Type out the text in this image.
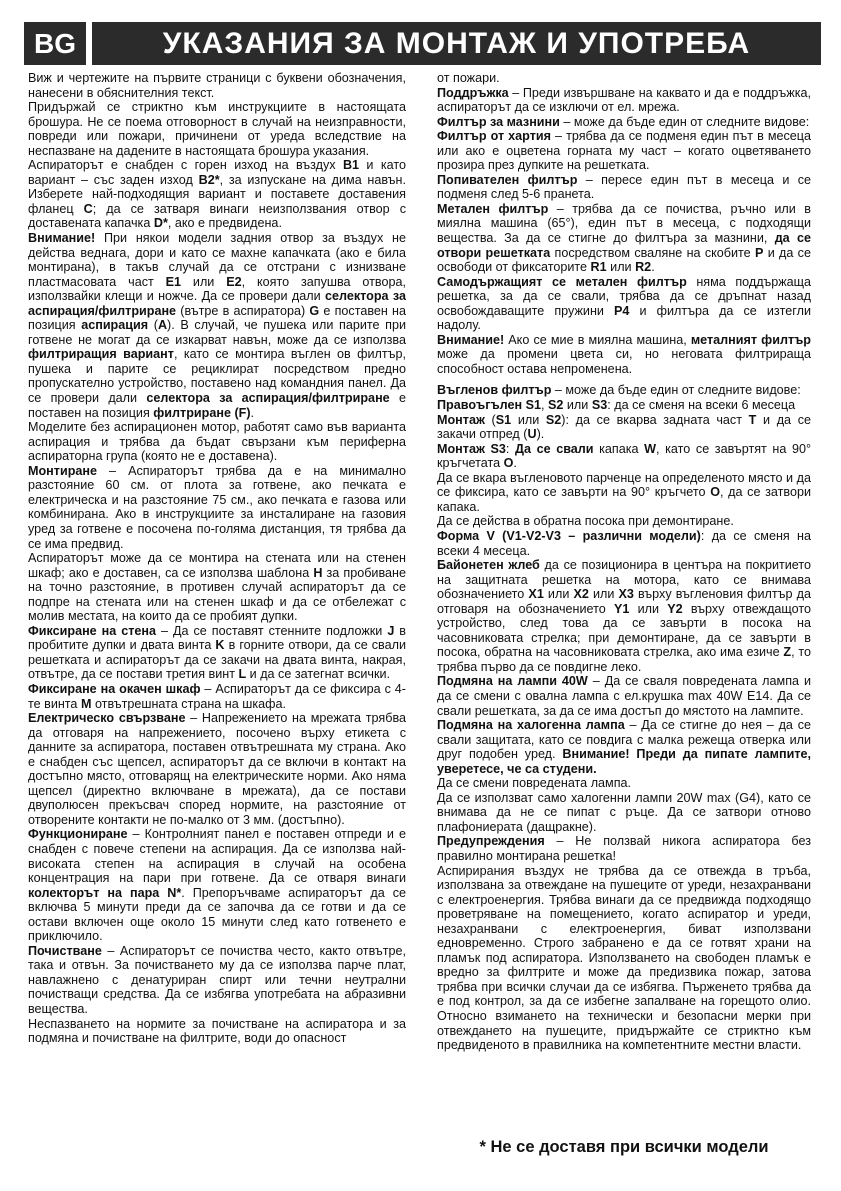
BG	УКАЗАНИЯ ЗА МОНТАЖ И УПОТРЕБА

Виж и чертежите на първите страници с буквени обозначения, нанесени в обяснителния текст.

Придържай се стриктно към инструкциите в настоящата брошура. Не се поема отговорност в случай на неизправности, повреди или пожари, причинени от уреда вследствие на неспазване на дадените в настоящата брошура указания.

Аспираторът е снабден с горен изход на въздух B1 и като вариант – със заден изход B2*, за изпускане на дима навън. Изберете най-подходящия вариант и поставете доставения фланец C; да се затваря винаги неизползвания отвор с доставената капачка D*, ако е предвидена.

Внимание! При някои модели задния отвор за въздух не действа веднага, дори и като се махне капачката (ако е била монтирана), в такъв случай да се отстрани с изнизване пластмасовата част E1 или E2, която запушва отвора, използвайки клещи и ножче. Да се провери дали селектора за аспирация/филтриране (вътре в аспиратора) G е поставен на позиция аспирация (A). В случай, че пушека или парите при готвене не могат да се изкарват навън, може да се използва филтриращия вариант, като се монтира въглен ов филтър, пушека и парите се рециклират посредством предно пропускателно устройство, поставено над командния панел. Да се провери дали селектора за аспирация/филтриране е поставен на позиция филтриране (F).

Моделите без аспирационен мотор, работят само във варианта аспирация и трябва да бъдат свързани към периферна аспираторна група (която не е доставена).

Монтиране – Аспираторът трябва да е на минимално разстояние 60 см. от плота за готвене, ако печката е електрическа и на разстояние 75 см., ако печката е газова или комбинирана. Ако в инструкциите за инсталиране на газовия уред за готвене е посочена по-голяма дистанция, тя трябва да се има предвид.

Аспираторът може да се монтира на стената или на стенен шкаф; ако е доставен, са се използва шаблона H за пробиване на точно разстояние, в противен случай аспираторът да се подпре на стената или на стенен шкаф и да се отбележат с молив местата, на които да се пробият дупки.

Фиксиране на стена – Да се поставят стенните подложки J в пробитите дупки и двата винта K в горните отвори, да се свали решетката и аспираторът да се закачи на двата винта, накрая, отвътре, да се постави третия винт L и да се затегнат всички.

Фиксиране на окачен шкаф – Аспираторът да се фиксира с 4-те винта M отвътрешната страна на шкафа.

Електрическо свързване – Напрежението на мрежата трябва да отговаря на напрежението, посочено върху етикета с данните за аспиратора, поставен отвътрешната му страна. Ако е снабден със щепсел, аспираторът да се включи в контакт на достъпно място, отговарящ на електрическите норми. Ако няма щепсел (директно включване в мрежата), да се постави двуполюсен прекъсвач според нормите, на разстояние от отворените контакти не по-малко от 3 мм. (достъпно).

Функциониране – Контролният панел е поставен отпреди и е снабден с повече степени на аспирация. Да се използва най-високата степен на аспирация в случай на особена концентрация на пари при готвене. Да се отваря винаги колекторът на пара N*. Препоръчваме аспираторът да се включва 5 минути преди да се започва да се готви и да се остави включен още около 15 минути след като готвенето е приключило.

Почистване – Аспираторът се почиства често, както отвътре, така и отвън. За почистването му да се използва парче плат, навлажнено с денатуриран спирт или течни неутрални почистващи средства. Да се избягва употребата на абразивни вещества.

Неспазването на нормите за почистване на аспиратора и за подмяна и почистване на филтрите, води до опасност

от пожари.

Поддръжка – Преди извършване на каквато и да е поддръжка, аспираторът да се изключи от ел. мрежа.

Филтър за мазнини – може да бъде един от следните видове:

Филтър от хартия – трябва да се подменя един път в месеца или ако е оцветена горната му част – когато оцветяването прозира през дупките на решетката.

Попивателен филтър – пересе един път в месеца и се подменя след 5-6 пранета.

Метален филтър – трябва да се почиства, ръчно или в миялна машина (65°), един път в месеца, с подходящи вещества. За да се стигне до филтъра за мазнини, да се отвори решетката посредством сваляне на скобите P и да се освободи от фиксаторите R1 или R2.

Самодържащият се метален филтър няма поддържаща решетка, за да се свали, трябва да се дръпнат назад освобождаващите пружини P4 и филтъра да се изтегли надолу.

Внимание! Ако се мие в миялна машина, металният филтър може да промени цвета си, но неговата филтрираща способност остава непроменена.

Въгленов филтър – може да бъде един от следните видове:

Правоъгълен S1, S2 или S3: да се сменя на всеки 6 месеца

Монтаж (S1 или S2): да се вкарва задната част T и да се закачи отпред (U).

Монтаж S3: Да се свали капака W, като се завъртят на 90° кръгчетата O.

Да се вкара въгленовото парченце на определеното място и да се фиксира, като се завърти на 90° кръгчето O, да се затвори капака.

Да се действа в обратна посока при демонтиране.

Форма V (V1-V2-V3 – различни модели): да се сменя на всеки 4 месеца.

Байонетен жлеб да се позиционира в центъра на покритието на защитната решетка на мотора, като се внимава обозначението X1 или X2 или X3 върху въгленовия филтър да отговаря на обозначението Y1 или Y2 върху отвеждащото устройство, след това да се завърти в посока на часовниковата стрелка; при демонтиране, да се завърти в посока, обратна на часовниковата стрелка, ако има езиче Z, то трябва първо да се повдигне леко.

Подмяна на лампи 40W – Да се сваля повредената лампа и да се смени с овална лампа с ел.крушка max 40W E14. Да се свали решетката, за да се има достъп до мястото на лампите.

Подмяна на халогенна лампа – Да се стигне до нея – да се свали защитата, като се повдига с малка режеща отверка или друг подобен уред. Внимание! Преди да пипате лампите, уверетесе, че са студени.

Да се смени повредената лампа.

Да се използват само халогенни лампи 20W max (G4), като се внимава да не се пипат с ръце. Да се затвори отново плафониерата (дащракне).

Предупреждения – Не ползвай никога аспиратора без правилно монтирана решетка!

Аспирирания въздух не трябва да се отвежда в тръба, използвана за отвеждане на пушеците от уреди, незахранвани с електроенергия. Трябва винаги да се предвижда подходящо проветряване на помещението, когато аспиратор и уреди, незахранвани с електроенергия, биват използвани едновременно. Строго забранено е да се готвят храни на пламък под аспиратора. Използването на свободен пламък е вредно за филтрите и може да предизвика пожар, затова трябва при всички случаи да се избягва. Пърженето трябва да е под контрол, за да се избегне запалване на горещото олио. Относно взимането на технически и безопасни мерки при отвеждането на пушеците, придържайте се стриктно към предвиденото в правилника на компетентните местни власти.

* Не се доставя при всички модели
